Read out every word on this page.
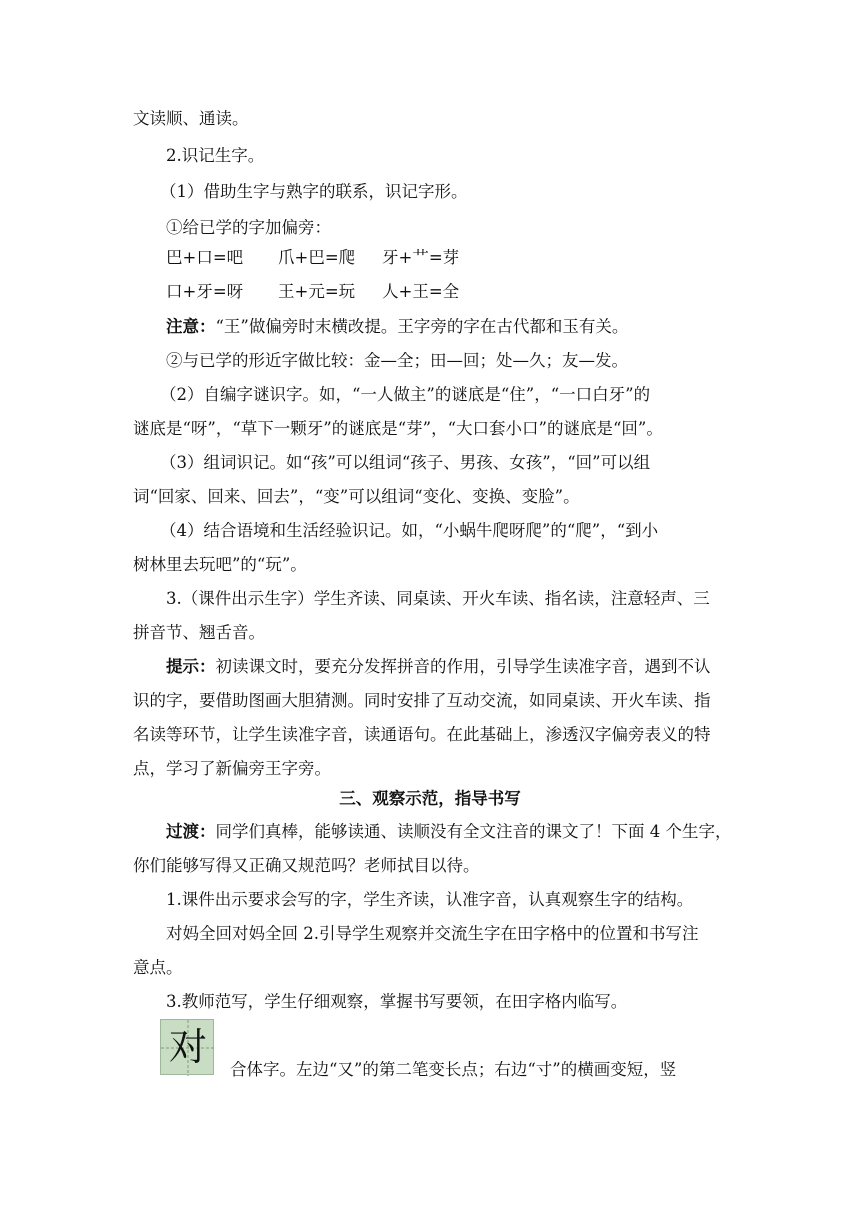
文读顺、通读。
2.识记生字。
（1）借助生字与熟字的联系，识记字形。
①给已学的字加偏旁：
巴+口=吧 爪+巴=爬 牙+艹=芽
口+牙=呀 王+元=玩 人+王=全
注意：“王”做偏旁时末横改提。王字旁的字在古代都和玉有关。
②与已学的形近字做比较：金—全；田—回；处—久；友—发。
（2）自编字谜识字。如，“一人做主”的谜底是“住”，“一口白牙”的
谜底是“呀”，“草下一颗牙”的谜底是“芽”，“大口套小口”的谜底是“回”。
（3）组词识记。如“孩”可以组词“孩子、男孩、女孩”，“回”可以组
词“回家、回来、回去”，“变”可以组词“变化、变换、变脸”。
（4）结合语境和生活经验识记。如，“小蜗牛爬呀爬”的“爬”，“到小
树林里去玩吧”的“玩”。
3.（课件出示生字）学生齐读、同桌读、开火车读、指名读，注意轻声、三
拼音节、翘舌音。
提示：初读课文时，要充分发挥拼音的作用，引导学生读准字音，遇到不认
识的字，要借助图画大胆猜测。同时安排了互动交流，如同桌读、开火车读、指
名读等环节，让学生读准字音，读通语句。在此基础上，渗透汉字偏旁表义的特
点，学习了新偏旁王字旁。
三、观察示范，指导书写
过渡：同学们真棒，能够读通、读顺没有全文注音的课文了！下面 4 个生字，
你们能够写得又正确又规范吗？老师拭目以待。
1.课件出示要求会写的字，学生齐读，认准字音，认真观察生字的结构。
对妈全回对妈全回 2.引导学生观察并交流生字在田字格中的位置和书写注
意点。
3.教师范写，学生仔细观察，掌握书写要领，在田字格内临写。
对
合体字。左边“又”的第二笔变长点；右边“寸”的横画变短，竖
